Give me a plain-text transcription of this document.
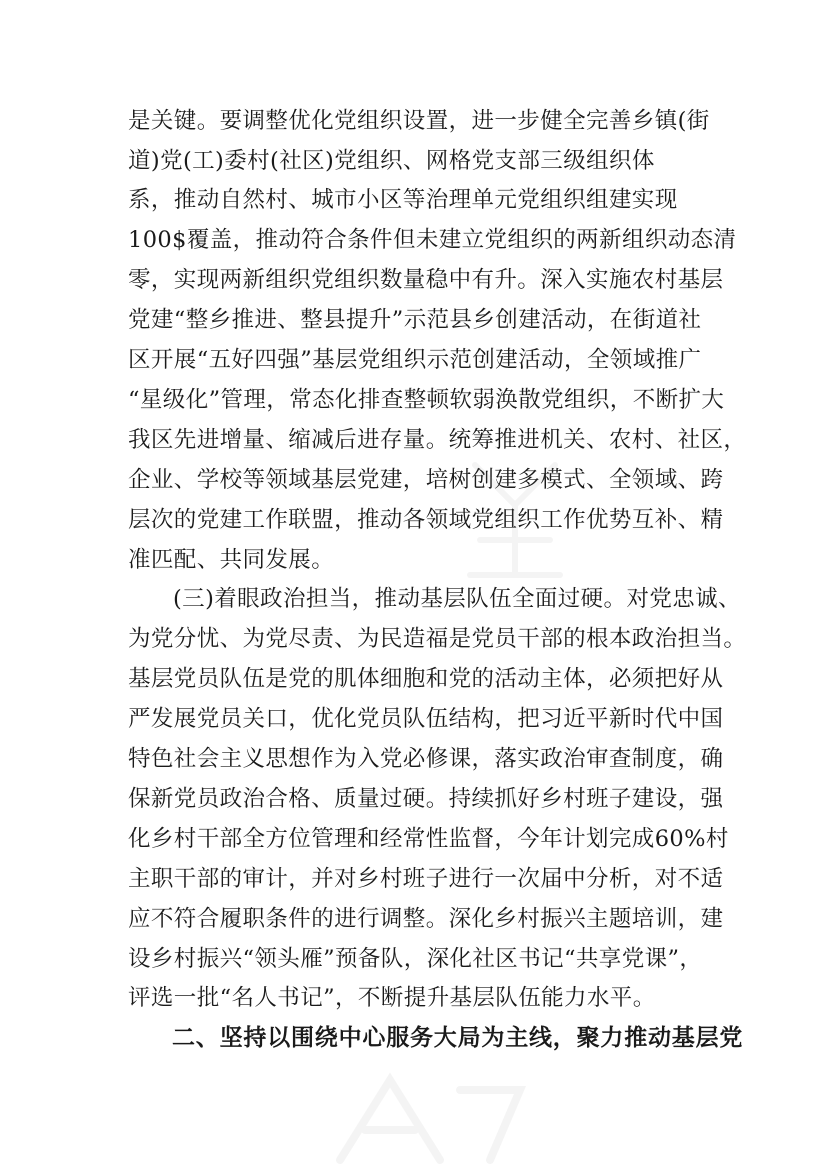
是关键。要调整优化党组织设置，进一步健全完善乡镇(街
道)党(工)委村(社区)党组织、网格党支部三级组织体
系，推动自然村、城市小区等治理单元党组织组建实现
100$覆盖，推动符合条件但未建立党组织的两新组织动态清
零，实现两新组织党组织数量稳中有升。深入实施农村基层
党建“整乡推进、整县提升”示范县乡创建活动，在街道社
区开展“五好四强”基层党组织示范创建活动，全领域推广
“星级化”管理，常态化排查整顿软弱涣散党组织，不断扩大
我区先进增量、缩减后进存量。统筹推进机关、农村、社区，
企业、学校等领域基层党建，培树创建多模式、全领域、跨
层次的党建工作联盟，推动各领域党组织工作优势互补、精
准匹配、共同发展。
(三)着眼政治担当，推动基层队伍全面过硬。对党忠诚、
为党分忧、为党尽责、为民造福是党员干部的根本政治担当。
基层党员队伍是党的肌体细胞和党的活动主体，必须把好从
严发展党员关口，优化党员队伍结构，把习近平新时代中国
特色社会主义思想作为入党必修课，落实政治审查制度，确
保新党员政治合格、质量过硬。持续抓好乡村班子建设，强
化乡村干部全方位管理和经常性监督，今年计划完成60%村
主职干部的审计，并对乡村班子进行一次届中分析，对不适
应不符合履职条件的进行调整。深化乡村振兴主题培训，建
设乡村振兴“领头雁”预备队，深化社区书记“共享党课”，
评选一批“名人书记”，不断提升基层队伍能力水平。
二、坚持以围绕中心服务大局为主线，聚力推动基层党
